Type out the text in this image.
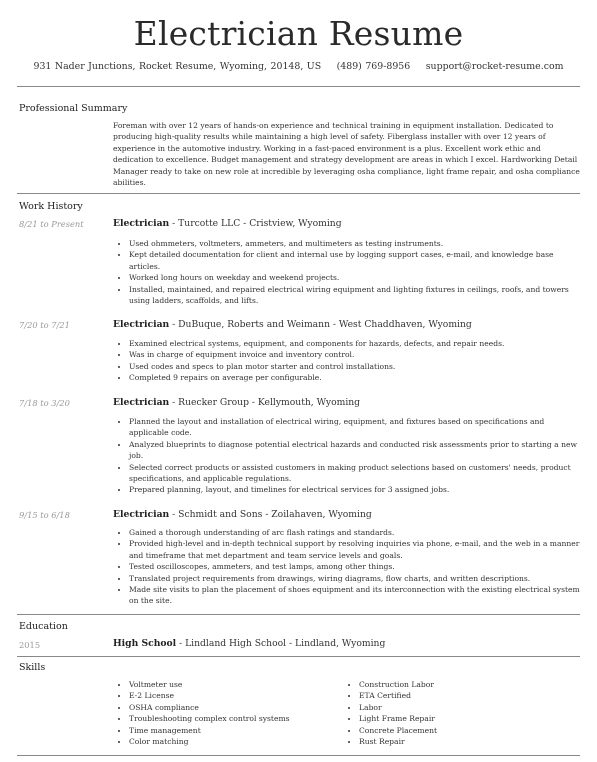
Electrician Resume
931 Nader Junctions, Rocket Resume, Wyoming, 20148, US (489) 769-8956 support@rocket-resume.com
Professional Summary
Foreman with over 12 years of hands-on experience and technical training in equipment installation. Dedicated to producing high-quality results while maintaining a high level of safety. Fiberglass installer with over 12 years of experience in the automotive industry. Working in a fast-paced environment is a plus. Excellent work ethic and dedication to excellence. Budget management and strategy development are areas in which I excel. Hardworking Detail Manager ready to take on new role at incredible by leveraging osha compliance, light frame repair, and osha compliance abilities.
Work History
8/21 to Present	Electrician - Turcotte LLC - Cristview, Wyoming
• Used ohmmeters, voltmeters, ammeters, and multimeters as testing instruments.
• Kept detailed documentation for client and internal use by logging support cases, e-mail, and knowledge base articles.
• Worked long hours on weekday and weekend projects.
• Installed, maintained, and repaired electrical wiring equipment and lighting fixtures in ceilings, roofs, and towers using ladders, scaffolds, and lifts.
7/20 to 7/21	Electrician - DuBuque, Roberts and Weimann - West Chaddhaven, Wyoming
• Examined electrical systems, equipment, and components for hazards, defects, and repair needs.
• Was in charge of equipment invoice and inventory control.
• Used codes and specs to plan motor starter and control installations.
• Completed 9 repairs on average per configurable.
7/18 to 3/20	Electrician - Ruecker Group - Kellymouth, Wyoming
• Planned the layout and installation of electrical wiring, equipment, and fixtures based on specifications and applicable code.
• Analyzed blueprints to diagnose potential electrical hazards and conducted risk assessments prior to starting a new job.
• Selected correct products or assisted customers in making product selections based on customers' needs, product specifications, and applicable regulations.
• Prepared planning, layout, and timelines for electrical services for 3 assigned jobs.
9/15 to 6/18	Electrician - Schmidt and Sons - Zoilahaven, Wyoming
• Gained a thorough understanding of arc flash ratings and standards.
• Provided high-level and in-depth technical support by resolving inquiries via phone, e-mail, and the web in a manner and timeframe that met department and team service levels and goals.
• Tested oscilloscopes, ammeters, and test lamps, among other things.
• Translated project requirements from drawings, wiring diagrams, flow charts, and written descriptions.
• Made site visits to plan the placement of shoes equipment and its interconnection with the existing electrical system on the site.
Education
2015	High School - Lindland High School - Lindland, Wyoming
Skills
• Voltmeter use
• E-2 License
• OSHA compliance
• Troubleshooting complex control systems
• Time management
• Color matching
• Construction Labor
• ETA Certified
• Labor
• Light Frame Repair
• Concrete Placement
• Rust Repair
